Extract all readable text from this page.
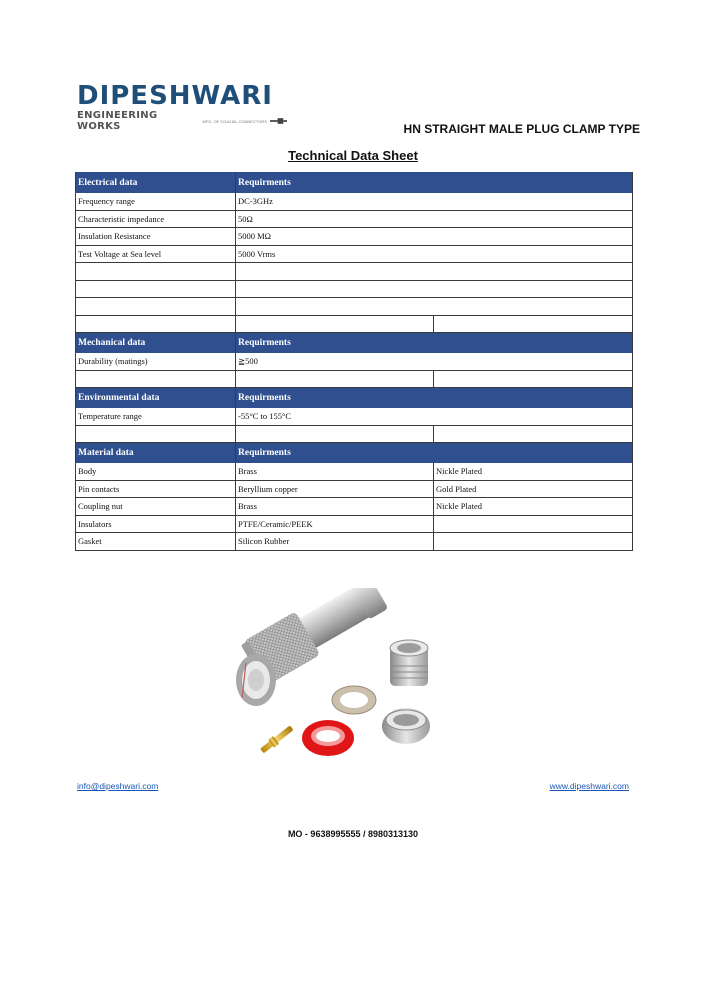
DIPESHWARI
ENGINEERING WORKS	MFG. OF COAXIAL CONNECTORS
HN STRAIGHT MALE PLUG CLAMP TYPE
Technical Data Sheet
Electrical data	Requirments	
Frequency range	DC-3GHz	
Characteristic impedance	50Ω	
Insulation Resistance	5000 MΩ	
Test Voltage at Sea level	5000 Vrms	

Mechanical data	Requirments	
Durability (matings)	≧500	

Environmental data	Requirments	
Temperature range	-55°C to 155°C	

Material data	Requirments	
Body	Brass	Nickle Plated
Pin contacts	Beryllium copper	Gold Plated
Coupling nut	Brass	Nickle Plated
Insulators	PTFE/Ceramic/PEEK	
Gasket	Silicon Rubber	
info@dipeshwari.com	www.dipeshwari.com
MO - 9638995555 / 8980313130
